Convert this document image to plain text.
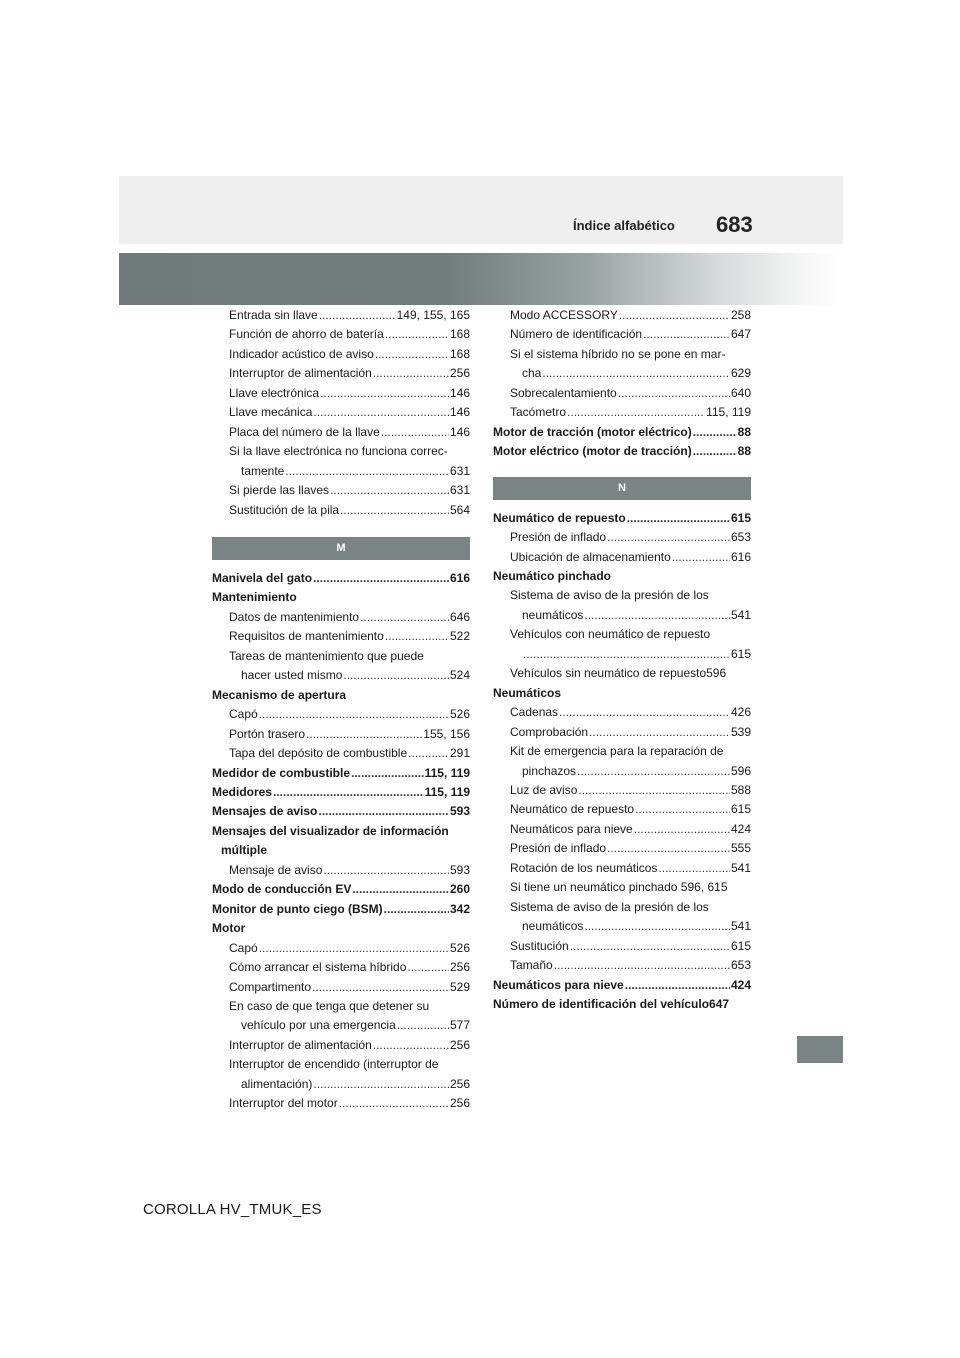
Índice alfabético 683
Entrada sin llave .....	149, 155, 165
Función de ahorro de batería .....	168
Indicador acústico de aviso .....	168
Interruptor de alimentación .....	256
Llave electrónica .....	146
Llave mecánica .....	146
Placa del número de la llave .....	146
Si la llave electrónica no funciona correc-
tamente .....	631
Si pierde las llaves .....	631
Sustitución de la pila .....	564
M
Manivela del gato .....	616
Mantenimiento
Datos de mantenimiento .....	646
Requisitos de mantenimiento .....	522
Tareas de mantenimiento que puede
hacer usted mismo .....	524
Mecanismo de apertura
Capó .....	526
Portón trasero .....	155, 156
Tapa del depósito de combustible .....	291
Medidor de combustible .....	115, 119
Medidores .....	115, 119
Mensajes de aviso .....	593
Mensajes del visualizador de información
múltiple
Mensaje de aviso .....	593
Modo de conducción EV .....	260
Monitor de punto ciego (BSM) .....	342
Motor
Capó .....	526
Cómo arrancar el sistema híbrido .....	256
Compartimento .....	529
En caso de que tenga que detener su
vehículo por una emergencia .....	577
Interruptor de alimentación .....	256
Interruptor de encendido (interruptor de
alimentación) .....	256
Interruptor del motor .....	256
Modo ACCESSORY .....	258
Número de identificación .....	647
Si el sistema híbrido no se pone en mar-
cha .....	629
Sobrecalentamiento .....	640
Tacómetro .....	115, 119
Motor de tracción (motor eléctrico) .....	88
Motor eléctrico (motor de tracción) .....	88
N
Neumático de repuesto .....	615
Presión de inflado .....	653
Ubicación de almacenamiento .....	616
Neumático pinchado
Sistema de aviso de la presión de los
neumáticos .....	541
Vehículos con neumático de repuesto
.....
615
Vehículos sin neumático de repuesto 596
Neumáticos
Cadenas .....	426
Comprobación .....	539
Kit de emergencia para la reparación de
pinchazos .....	596
Luz de aviso .....	588
Neumático de repuesto .....	615
Neumáticos para nieve .....	424
Presión de inflado .....	555
Rotación de los neumáticos .....	541
Si tiene un neumático pinchado 596, 615
Sistema de aviso de la presión de los
neumáticos .....	541
Sustitución .....	615
Tamaño .....	653
Neumáticos para nieve .....	424
Número de identificación del vehículo647
COROLLA HV_TMUK_ES
